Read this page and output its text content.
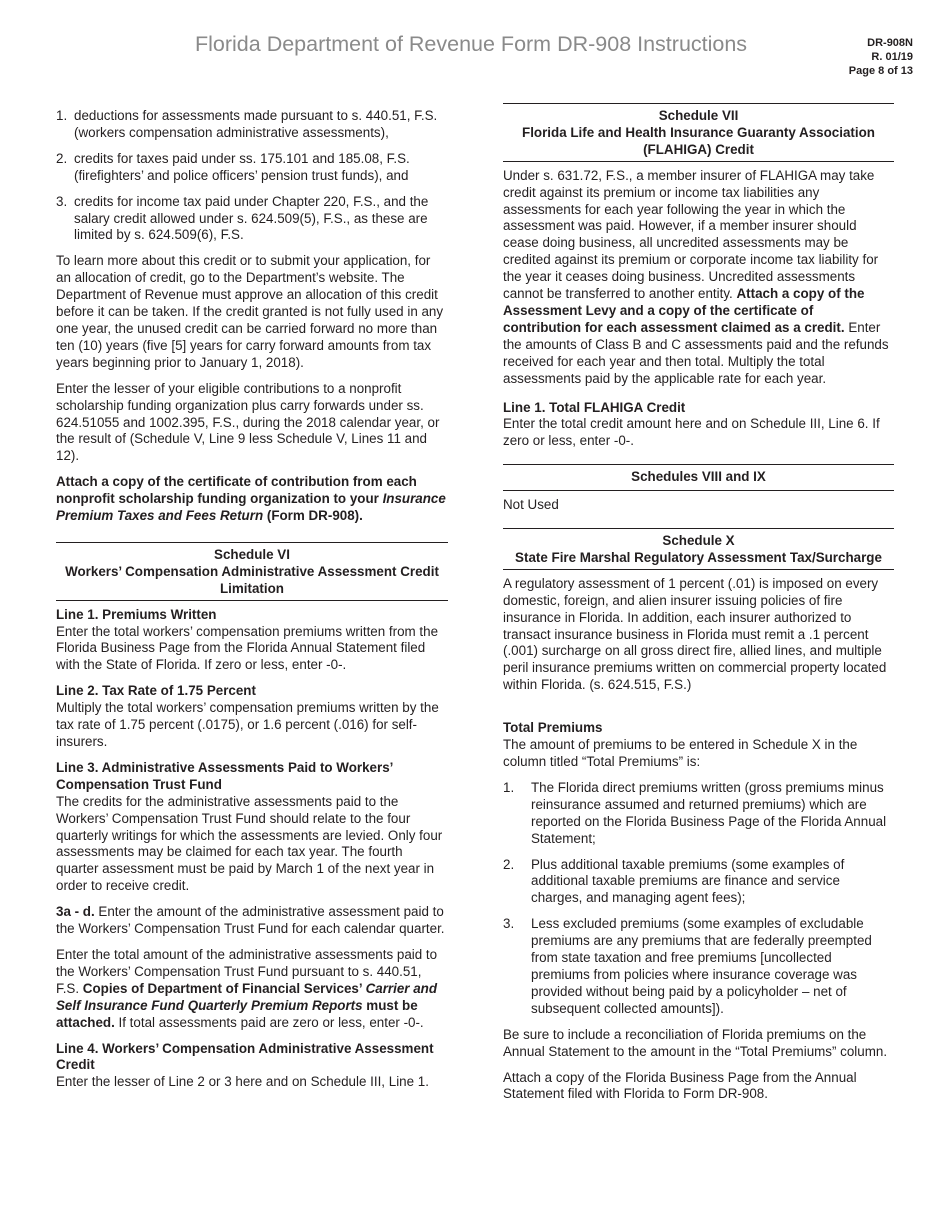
Florida Department of Revenue Form DR-908 Instructions	DR-908N
R. 01/19
Page 8 of 13
1. deductions for assessments made pursuant to s. 440.51, F.S. (workers compensation administrative assessments),
2. credits for taxes paid under ss. 175.101 and 185.08, F.S. (firefighters’ and police officers’ pension trust funds), and
3. credits for income tax paid under Chapter 220, F.S., and the salary credit allowed under s. 624.509(5), F.S., as these are limited by s. 624.509(6), F.S.

To learn more about this credit or to submit your application, for an allocation of credit, go to the Department’s website. The Department of Revenue must approve an allocation of this credit before it can be taken. If the credit granted is not fully used in any one year, the unused credit can be carried forward no more than ten (10) years (five [5] years for carry forward amounts from tax years beginning prior to January 1, 2018).

Enter the lesser of your eligible contributions to a nonprofit scholarship funding organization plus carry forwards under ss. 624.51055 and 1002.395, F.S., during the 2018 calendar year, or the result of (Schedule V, Line 9 less Schedule V, Lines 11 and 12).

Attach a copy of the certificate of contribution from each nonprofit scholarship funding organization to your Insurance Premium Taxes and Fees Return (Form DR-908).

Schedule VI
Workers’ Compensation Administrative Assessment Credit Limitation
Line 1. Premiums Written

Enter the total workers’ compensation premiums written from the Florida Business Page from the Florida Annual Statement filed with the State of Florida. If zero or less, enter -0-.

Line 2. Tax Rate of 1.75 Percent

Multiply the total workers’ compensation premiums written by the tax rate of 1.75 percent (.0175), or 1.6 percent (.016) for self-insurers.

Line 3. Administrative Assessments Paid to Workers’ Compensation Trust Fund

The credits for the administrative assessments paid to the Workers’ Compensation Trust Fund should relate to the four quarterly writings for which the assessments are levied. Only four assessments may be claimed for each tax year. The fourth quarter assessment must be paid by March 1 of the next year in order to receive credit.

3a - d. Enter the amount of the administrative assessment paid to the Workers’ Compensation Trust Fund for each calendar quarter.

Enter the total amount of the administrative assessments paid to the Workers’ Compensation Trust Fund pursuant to s. 440.51, F.S. Copies of Department of Financial Services’ Carrier and Self Insurance Fund Quarterly Premium Reports must be attached. If total assessments paid are zero or less, enter -0-.

Line 4. Workers’ Compensation Administrative Assessment Credit

Enter the lesser of Line 2 or 3 here and on Schedule III, Line 1.

Schedule VII
Florida Life and Health Insurance Guaranty Association (FLAHIGA) Credit

Under s. 631.72, F.S., a member insurer of FLAHIGA may take credit against its premium or income tax liabilities any assessments for each year following the year in which the assessment was paid. However, if a member insurer should cease doing business, all uncredited assessments may be credited against its premium or corporate income tax liability for the year it ceases doing business. Uncredited assessments cannot be transferred to another entity. Attach a copy of the Assessment Levy and a copy of the certificate of contribution for each assessment claimed as a credit. Enter the amounts of Class B and C assessments paid and the refunds received for each year and then total. Multiply the total assessments paid by the applicable rate for each year.

Line 1. Total FLAHIGA Credit

Enter the total credit amount here and on Schedule III, Line 6. If zero or less, enter -0-.

Schedules VIII and IX

Not Used

Schedule X
State Fire Marshal Regulatory Assessment Tax/Surcharge

A regulatory assessment of 1 percent (.01) is imposed on every domestic, foreign, and alien insurer issuing policies of fire insurance in Florida. In addition, each insurer authorized to transact insurance business in Florida must remit a .1 percent (.001) surcharge on all gross direct fire, allied lines, and multiple peril insurance premiums written on commercial property located within Florida. (s. 624.515, F.S.)

Total Premiums

The amount of premiums to be entered in Schedule X in the column titled “Total Premiums” is:

1.	The Florida direct premiums written (gross premiums minus reinsurance assumed and returned premiums) which are reported on the Florida Business Page of the Florida Annual Statement;
2.	Plus additional taxable premiums (some examples of additional taxable premiums are finance and service charges, and managing agent fees);
3.	Less excluded premiums (some examples of excludable premiums are any premiums that are federally preempted from state taxation and free premiums [uncollected premiums from policies where insurance coverage was provided without being paid by a policyholder – net of subsequent collected amounts]).

Be sure to include a reconciliation of Florida premiums on the Annual Statement to the amount in the “Total Premiums” column.

Attach a copy of the Florida Business Page from the Annual Statement filed with Florida to Form DR-908.
